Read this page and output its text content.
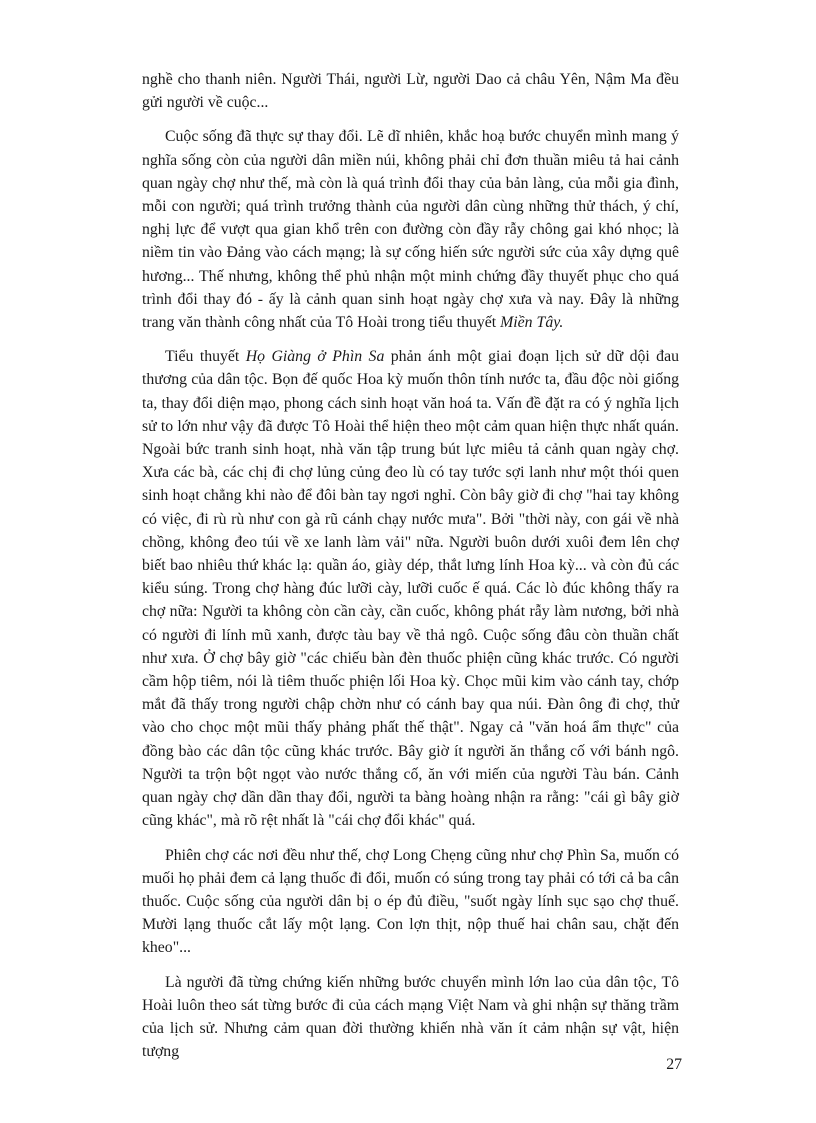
nghề cho thanh niên. Người Thái, người Lừ, người Dao cả châu Yên, Nậm Ma đều gửi người về cuộc...

Cuộc sống đã thực sự thay đổi. Lẽ dĩ nhiên, khắc hoạ bước chuyển mình mang ý nghĩa sống còn của người dân miền núi, không phải chỉ đơn thuần miêu tả hai cảnh quan ngày chợ như thế, mà còn là quá trình đổi thay của bản làng, của mỗi gia đình, mỗi con người; quá trình trưởng thành của người dân cùng những thử thách, ý chí, nghị lực để vượt qua gian khổ trên con đường còn đầy rẫy chông gai khó nhọc; là niềm tin vào Đảng vào cách mạng; là sự cống hiến sức người sức của xây dựng quê hương... Thế nhưng, không thể phủ nhận một minh chứng đầy thuyết phục cho quá trình đổi thay đó - ấy là cảnh quan sinh hoạt ngày chợ xưa và nay. Đây là những trang văn thành công nhất của Tô Hoài trong tiểu thuyết Miền Tây.

Tiểu thuyết Họ Giàng ở Phìn Sa phản ánh một giai đoạn lịch sử dữ dội đau thương của dân tộc. Bọn đế quốc Hoa kỳ muốn thôn tính nước ta, đầu độc nòi giống ta, thay đổi diện mạo, phong cách sinh hoạt văn hoá ta. Vấn đề đặt ra có ý nghĩa lịch sử to lớn như vậy đã được Tô Hoài thể hiện theo một cảm quan hiện thực nhất quán. Ngoài bức tranh sinh hoạt, nhà văn tập trung bút lực miêu tả cảnh quan ngày chợ. Xưa các bà, các chị đi chợ lủng củng đeo lù có tay tước sợi lanh như một thói quen sinh hoạt chẳng khi nào để đôi bàn tay ngơi nghỉ. Còn bây giờ đi chợ "hai tay không có việc, đi rù rù như con gà rũ cánh chạy nước mưa". Bởi "thời này, con gái về nhà chồng, không đeo túi về xe lanh làm vải" nữa. Người buôn dưới xuôi đem lên chợ biết bao nhiêu thứ khác lạ: quần áo, giày dép, thắt lưng lính Hoa kỳ... và còn đủ các kiểu súng. Trong chợ hàng đúc lưỡi cày, lưỡi cuốc ế quá. Các lò đúc không thấy ra chợ nữa: Người ta không còn cần cày, cần cuốc, không phát rẫy làm nương, bởi nhà có người đi lính mũ xanh, được tàu bay về thả ngô. Cuộc sống đâu còn thuần chất như xưa. Ở chợ bây giờ "các chiếu bàn đèn thuốc phiện cũng khác trước. Có người cầm hộp tiêm, nói là tiêm thuốc phiện lối Hoa kỳ. Chọc mũi kim vào cánh tay, chớp mắt đã thấy trong người chập chờn như có cánh bay qua núi. Đàn ông đi chợ, thử vào cho chọc một mũi thấy phảng phất thế thật". Ngay cả "văn hoá ẩm thực" của đồng bào các dân tộc cũng khác trước. Bây giờ ít người ăn thắng cố với bánh ngô. Người ta trộn bột ngọt vào nước thắng cố, ăn với miến của người Tàu bán. Cảnh quan ngày chợ dần dần thay đổi, người ta bàng hoàng nhận ra rằng: "cái gì bây giờ cũng khác", mà rõ rệt nhất là "cái chợ đổi khác" quá.

Phiên chợ các nơi đều như thế, chợ Long Chẹng cũng như chợ Phìn Sa, muốn có muối họ phải đem cả lạng thuốc đi đổi, muốn có súng trong tay phải có tới cả ba cân thuốc. Cuộc sống của người dân bị o ép đủ điều, "suốt ngày lính sục sạo chợ thuế. Mười lạng thuốc cắt lấy một lạng. Con lợn thịt, nộp thuế hai chân sau, chặt đến kheo"...

Là người đã từng chứng kiến những bước chuyển mình lớn lao của dân tộc, Tô Hoài luôn theo sát từng bước đi của cách mạng Việt Nam và ghi nhận sự thăng trầm của lịch sử. Nhưng cảm quan đời thường khiến nhà văn ít cảm nhận sự vật, hiện tượng

27
